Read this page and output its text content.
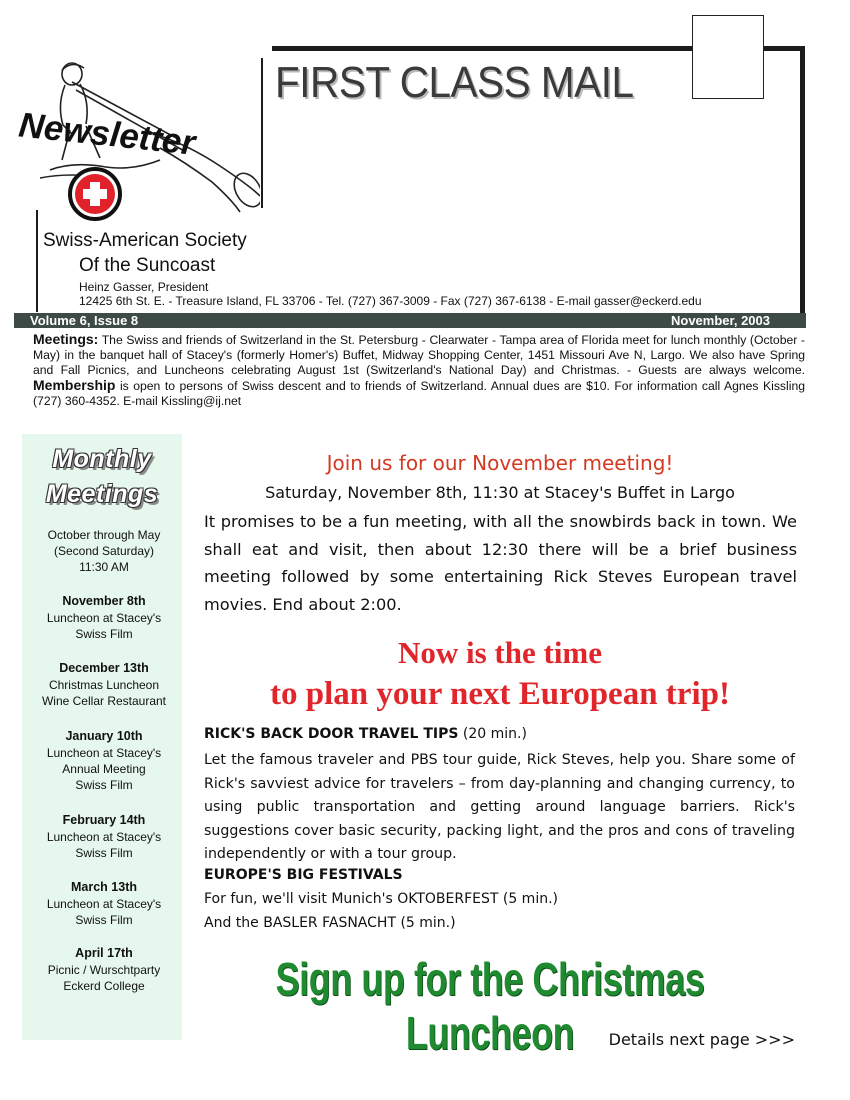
FIRST CLASS MAIL
Newsletter
Swiss-American Society
Of the Suncoast
Heinz Gasser, President
12425 6th St. E. - Treasure Island, FL 33706 - Tel. (727) 367-3009 - Fax (727) 367-6138 - E-mail gasser@eckerd.edu
Volume 6, Issue 8	November, 2003
Meetings: The Swiss and friends of Switzerland in the St. Petersburg - Clearwater - Tampa area of Florida meet for lunch monthly (October - May) in the banquet hall of Stacey's (formerly Homer's) Buffet, Midway Shopping Center, 1451 Missouri Ave N, Largo. We also have Spring and Fall Picnics, and Luncheons celebrating August 1st (Switzerland's National Day) and Christmas. - Guests are always welcome. Membership is open to persons of Swiss descent and to friends of Switzerland. Annual dues are $10. For information call Agnes Kissling (727) 360-4352. E-mail Kissling@ij.net
Monthly
Meetings
October through May
(Second Saturday)
11:30 AM
November 8th
Luncheon at Stacey's
Swiss Film
December 13th
Christmas Luncheon
Wine Cellar Restaurant
January 10th
Luncheon at Stacey's
Annual Meeting
Swiss Film
February 14th
Luncheon at Stacey's
Swiss Film
March 13th
Luncheon at Stacey's
Swiss Film
April 17th
Picnic / Wurschtparty
Eckerd College
Join us for our November meeting!
Saturday, November 8th, 11:30 at Stacey's Buffet in Largo
It promises to be a fun meeting, with all the snowbirds back in town. We shall eat and visit, then about 12:30 there will be a brief business meeting followed by some entertaining Rick Steves European travel movies. End about 2:00.
Now is the time
to plan your next European trip!
RICK'S BACK DOOR TRAVEL TIPS (20 min.)
Let the famous traveler and PBS tour guide, Rick Steves, help you. Share some of Rick's savviest advice for travelers – from day-planning and changing currency, to using public transportation and getting around language barriers. Rick's suggestions cover basic security, packing light, and the pros and cons of traveling independently or with a tour group.
EUROPE'S BIG FESTIVALS
For fun, we'll visit Munich's OKTOBERFEST (5 min.)
And the BASLER FASNACHT (5 min.)
Sign up for the Christmas Luncheon	Details next page >>>
